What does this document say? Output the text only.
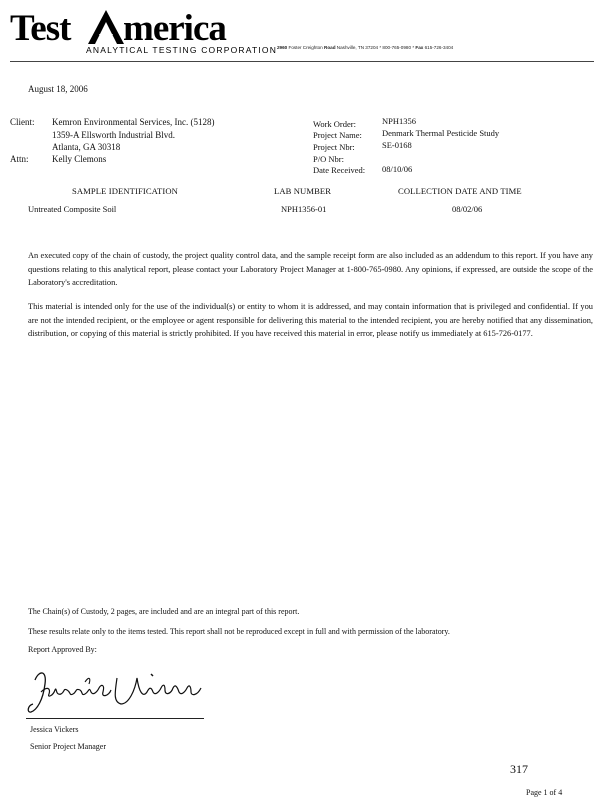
Test merica
ANALYTICAL TESTING CORPORATION 2960 Foster Creighton Road Nashville, TN 37204 * 800-765-0980 * Fax 615-726-3404
August 18, 2006
Client: Kemron Environmental Services, Inc. (5128)
1359-A Ellsworth Industrial Blvd.
Atlanta, GA 30318
Attn:	Kelly Clemons
Work Order:	NPH1356
Project Name: Denmark Thermal Pesticide Study
Project Nbr:	SE-0168
P/O Nbr:
Date Received: 08/10/06
SAMPLE IDENTIFICATION	LAB NUMBER	COLLECTION DATE AND TIME
Untreated Composite Soil	NPH1356-01	08/02/06
An executed copy of the chain of custody, the project quality control data, and the sample receipt form are also included as an addendum to this report. If you have any questions relating to this analytical report, please contact your Laboratory Project Manager at 1-800-765-0980. Any opinions, if expressed, are outside the scope of the Laboratory's accreditation.
This material is intended only for the use of the individual(s) or entity to whom it is addressed, and may contain information that is privileged and confidential. If you are not the intended recipient, or the employee or agent responsible for delivering this material to the intended recipient, you are hereby notified that any dissemination, distribution, or copying of this material is strictly prohibited. If you have received this material in error, please notify us immediately at 615-726-0177.
The Chain(s) of Custody, 2 pages, are included and are an integral part of this report.
These results relate only to the items tested. This report shall not be reproduced except in full and with permission of the laboratory.
Report Approved By:
Jessica Vickers
Senior Project Manager
317
Page 1 of 4
